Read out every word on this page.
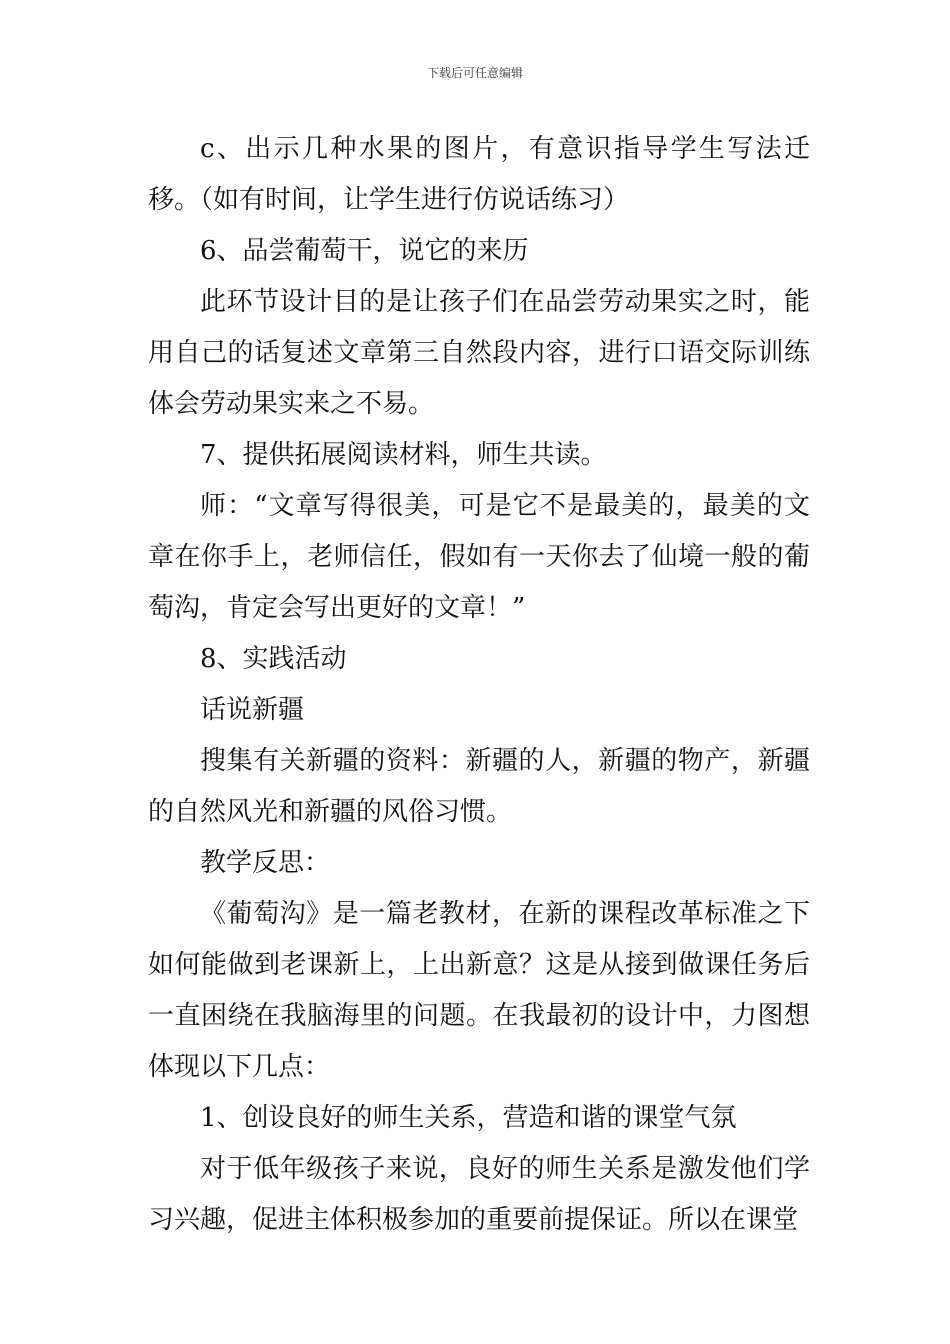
下载后可任意编辑

c、出示几种水果的图片，有意识指导学生写法迁移。（如有时间，让学生进行仿说话练习）

6、品尝葡萄干，说它的来历

此环节设计目的是让孩子们在品尝劳动果实之时，能用自己的话复述文章第三自然段内容，进行口语交际训练体会劳动果实来之不易。

7、提供拓展阅读材料，师生共读。

师：“文章写得很美，可是它不是最美的，最美的文章在你手上，老师信任，假如有一天你去了仙境一般的葡萄沟，肯定会写出更好的文章！”

8、实践活动

话说新疆

搜集有关新疆的资料：新疆的人，新疆的物产，新疆的自然风光和新疆的风俗习惯。

教学反思：

《葡萄沟》是一篇老教材，在新的课程改革标准之下如何能做到老课新上，上出新意？这是从接到做课任务后一直困绕在我脑海里的问题。在我最初的设计中，力图想体现以下几点：

1、创设良好的师生关系，营造和谐的课堂气氛

对于低年级孩子来说，良好的师生关系是激发他们学习兴趣，促进主体积极参加的重要前提保证。所以在课堂
